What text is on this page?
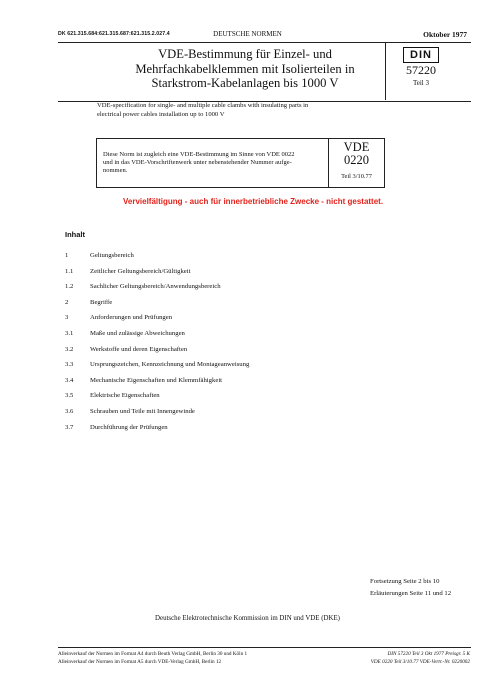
DK 621.315.684:621.315.687:621.315.2.027.4	DEUTSCHE NORMEN	Oktober 1977
VDE-Bestimmung für Einzel- und
Mehrfachkabelklemmen mit Isolierteilen in
Starkstrom-Kabelanlagen bis 1000 V
DIN
57220
Teil 3
VDE-specification for single- and multiple cable clambs with insulating parts in
electrical power cables installation up to 1000 V
Diese Norm ist zugleich eine VDE-Bestimmung im Sinne von VDE 0022
und in das VDE-Vorschriftenwerk unter nebenstehender Nummer aufge-
nommen.
VDE
0220
Teil 3/10.77
Vervielfältigung - auch für innerbetriebliche Zwecke - nicht gestattet.
Inhalt
1	Geltungsbereich
1.1 Zeitlicher Geltungsbereich/Gültigkeit
1.2 Sachlicher Geltungsbereich/Anwendungsbereich
2	Begriffe
3	Anforderungen und Prüfungen
3.1 Maße und zulässige Abweichungen
3.2 Werkstoffe und deren Eigenschaften
3.3 Ursprungszeichen, Kennzeichnung und Montageanweisung
3.4 Mechanische Eigenschaften und Klemmfähigkeit
3.5 Elektrische Eigenschaften
3.6 Schrauben und Teile mit Innengewinde
3.7 Durchführung der Prüfungen
Fortsetzung Seite 2 bis 10
Erläuterungen Seite 11 und 12
Deutsche Elektrotechnische Kommission im DIN und VDE (DKE)
Alleinverkauf der Normen im Format A4 durch Beuth Verlag GmbH, Berlin 30 und Köln 1
Alleinverkauf der Normen im Format A5 durch VDE-Verlag GmbH, Berlin 12
DIN 57220 Teil 3 Okt 1977 Preisgr. 5 K
VDE 0220 Teil 3/10.77 VDE-Vertr.-Nr. 0220002
